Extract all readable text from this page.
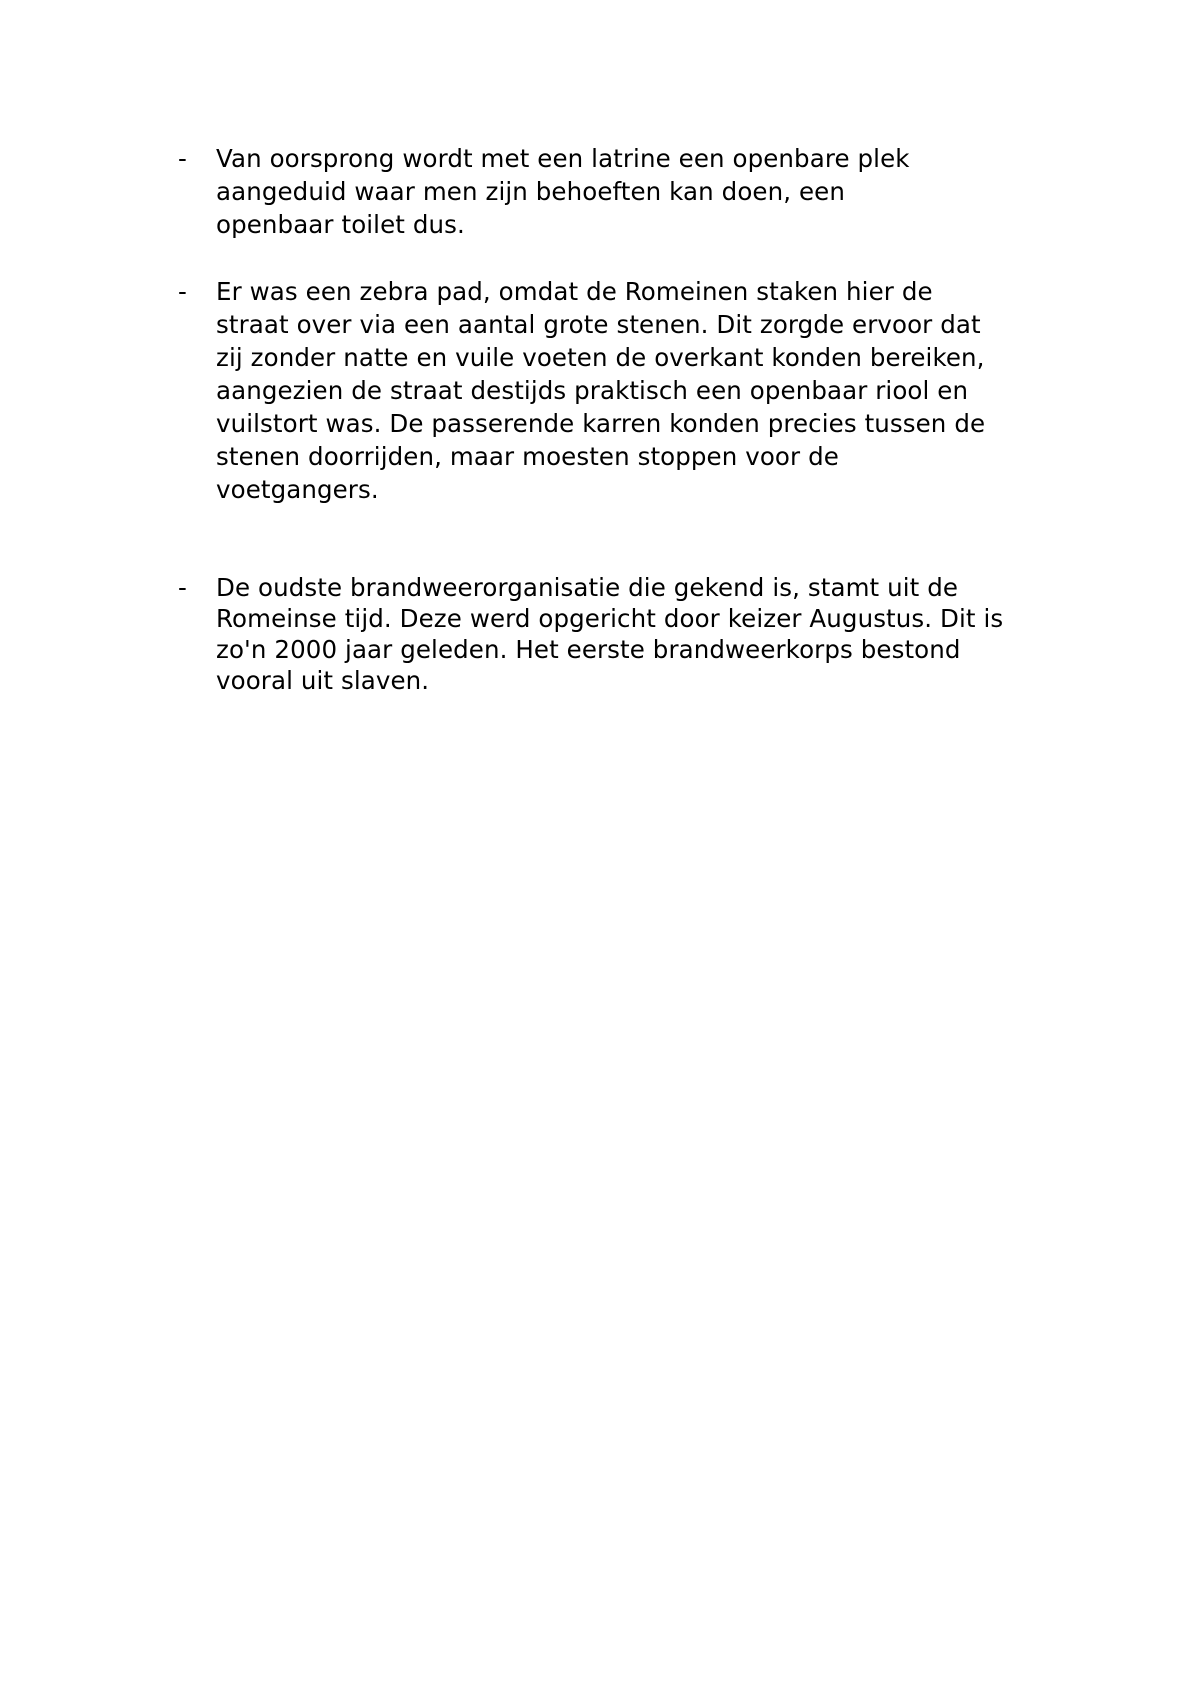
-	Van oorsprong wordt met een latrine een openbare plek
aangeduid waar men zijn behoeften kan doen, een
openbaar toilet dus.
-	Er was een zebra pad, omdat de Romeinen staken hier de
straat over via een aantal grote stenen. Dit zorgde ervoor dat
zij zonder natte en vuile voeten de overkant konden bereiken,
aangezien de straat destijds praktisch een openbaar riool en
vuilstort was. De passerende karren konden precies tussen de
stenen doorrijden, maar moesten stoppen voor de
voetgangers.
-	De oudste brandweerorganisatie die gekend is, stamt uit de
Romeinse tijd. Deze werd opgericht door keizer Augustus. Dit is
zo'n 2000 jaar geleden. Het eerste brandweerkorps bestond
vooral uit slaven.
